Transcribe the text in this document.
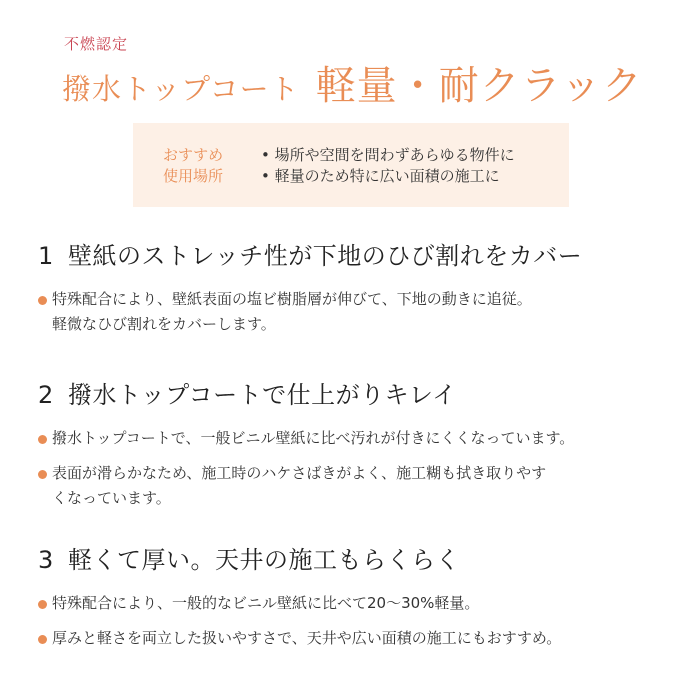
不燃認定
撥水トップコート 軽量・耐クラック
おすすめ
使用場所
• 場所や空間を問わずあらゆる物件に
• 軽量のため特に広い面積の施工に
1 壁紙のストレッチ性が下地のひび割れをカバー
特殊配合により、壁紙表面の塩ビ樹脂層が伸びて、下地の動きに追従。
軽微なひび割れをカバーします。
2 撥水トップコートで仕上がりキレイ
撥水トップコートで、一般ビニル壁紙に比べ汚れが付きにくくなっています。
表面が滑らかなため、施工時のハケさばきがよく、施工糊も拭き取りやす
くなっています。
3 軽くて厚い。天井の施工もらくらく
特殊配合により、一般的なビニル壁紙に比べて20〜30%軽量。
厚みと軽さを両立した扱いやすさで、天井や広い面積の施工にもおすすめ。
